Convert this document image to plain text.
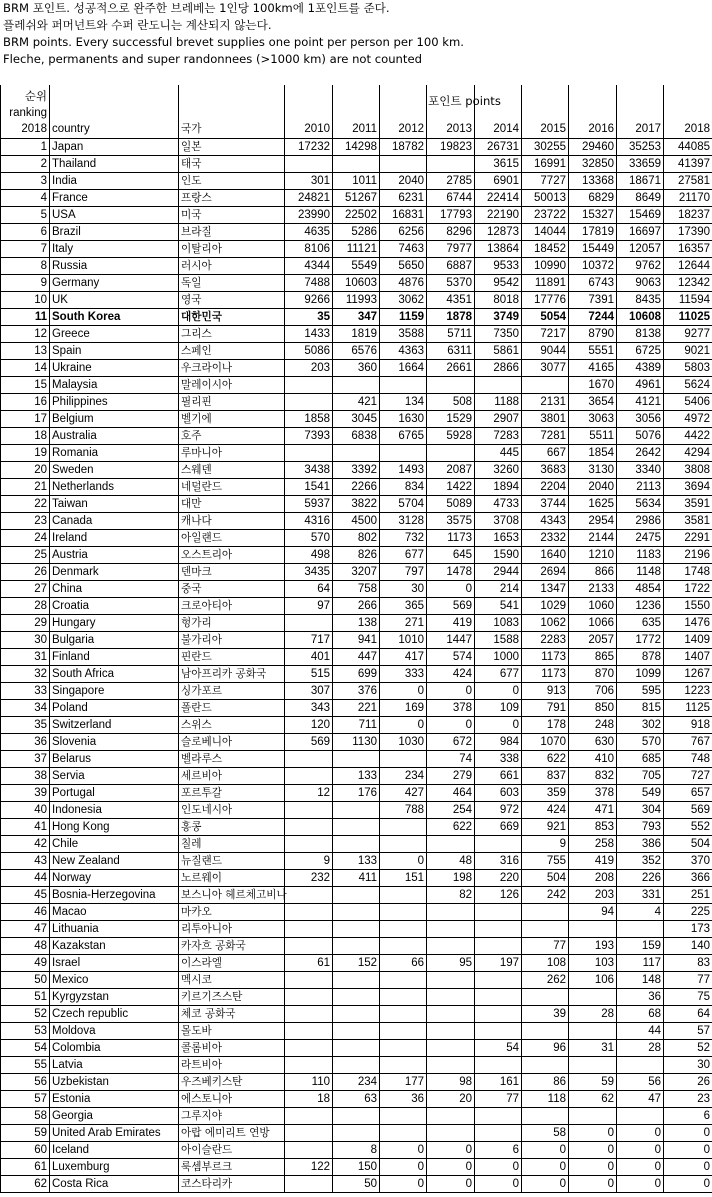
BRM 포인트. 성공적으로 완주한 브레베는 1인당 100km에 1포인트를 준다.
플레쉬와 퍼머넌트와 수퍼 란도니는 계산되지 않는다.
BRM points. Every successful brevet supplies one point per person per 100 km.
Fleche, permanents and super randonnees (>1000 km) are not counted
포인트 points
순위
ranking
2018	country	국가	2010	2011	2012	2013	2014	2015	2016	2017	2018
1	Japan	일본	17232	14298	18782	19823	26731	30255	29460	35253	44085
2	Thailand	태국					3615	16991	32850	33659	41397
3	India	인도	301	1011	2040	2785	6901	7727	13368	18671	27581
4	France	프랑스	24821	51267	6231	6744	22414	50013	6829	8649	21170
5	USA	미국	23990	22502	16831	17793	22190	23722	15327	15469	18237
6	Brazil	브라질	4635	5286	6256	8296	12873	14044	17819	16697	17390
7	Italy	이탈리아	8106	11121	7463	7977	13864	18452	15449	12057	16357
8	Russia	러시아	4344	5549	5650	6887	9533	10990	10372	9762	12644
9	Germany	독일	7488	10603	4876	5370	9542	11891	6743	9063	12342
10	UK	영국	9266	11993	3062	4351	8018	17776	7391	8435	11594
11	South Korea	대한민국	35	347	1159	1878	3749	5054	7244	10608	11025
12	Greece	그리스	1433	1819	3588	5711	7350	7217	8790	8138	9277
13	Spain	스페인	5086	6576	4363	6311	5861	9044	5551	6725	9021
14	Ukraine	우크라이나	203	360	1664	2661	2866	3077	4165	4389	5803
15	Malaysia	말레이시아							1670	4961	5624
16	Philippines	필리핀		421	134	508	1188	2131	3654	4121	5406
17	Belgium	벨기에	1858	3045	1630	1529	2907	3801	3063	3056	4972
18	Australia	호주	7393	6838	6765	5928	7283	7281	5511	5076	4422
19	Romania	루마니아					445	667	1854	2642	4294
20	Sweden	스웨덴	3438	3392	1493	2087	3260	3683	3130	3340	3808
21	Netherlands	네덜란드	1541	2266	834	1422	1894	2204	2040	2113	3694
22	Taiwan	대만	5937	3822	5704	5089	4733	3744	1625	5634	3591
23	Canada	캐나다	4316	4500	3128	3575	3708	4343	2954	2986	3581
24	Ireland	아일랜드	570	802	732	1173	1653	2332	2144	2475	2291
25	Austria	오스트리아	498	826	677	645	1590	1640	1210	1183	2196
26	Denmark	덴마크	3435	3207	797	1478	2944	2694	866	1148	1748
27	China	중국	64	758	30	0	214	1347	2133	4854	1722
28	Croatia	크로아티아	97	266	365	569	541	1029	1060	1236	1550
29	Hungary	헝가리		138	271	419	1083	1062	1066	635	1476
30	Bulgaria	불가리아	717	941	1010	1447	1588	2283	2057	1772	1409
31	Finland	핀란드	401	447	417	574	1000	1173	865	878	1407
32	South Africa	남아프리카 공화국	515	699	333	424	677	1173	870	1099	1267
33	Singapore	싱가포르	307	376	0	0	0	913	706	595	1223
34	Poland	폴란드	343	221	169	378	109	791	850	815	1125
35	Switzerland	스위스	120	711	0	0	0	178	248	302	918
36	Slovenia	슬로베니아	569	1130	1030	672	984	1070	630	570	767
37	Belarus	벨라루스				74	338	622	410	685	748
38	Servia	세르비아		133	234	279	661	837	832	705	727
39	Portugal	포르투갈	12	176	427	464	603	359	378	549	657
40	Indonesia	인도네시아			788	254	972	424	471	304	569
41	Hong Kong	홍콩				622	669	921	853	793	552
42	Chile	칠레						9	258	386	504
43	New Zealand	뉴질랜드	9	133	0	48	316	755	419	352	370
44	Norway	노르웨이	232	411	151	198	220	504	208	226	366
45	Bosnia-Herzegovina	보스니아 헤르체고비나				82	126	242	203	331	251
46	Macao	마카오							94	4	225
47	Lithuania	리투아니아									173
48	Kazakstan	카자흐 공화국						77	193	159	140
49	Israel	이스라엘	61	152	66	95	197	108	103	117	83
50	Mexico	멕시코						262	106	148	77
51	Kyrgyzstan	키르기즈스탄								36	75
52	Czech republic	체코 공화국						39	28	68	64
53	Moldova	몰도바								44	57
54	Colombia	콜롬비아					54	96	31	28	52
55	Latvia	라트비아									30
56	Uzbekistan	우즈베키스탄	110	234	177	98	161	86	59	56	26
57	Estonia	에스토니아	18	63	36	20	77	118	62	47	23
58	Georgia	그루지야									6
59	United Arab Emirates	아랍 에미리트 연방						58	0	0	0
60	Iceland	아이슬란드		8	0	0	6	0	0	0	0
61	Luxemburg	룩셈부르크	122	150	0	0	0	0	0	0	0
62	Costa Rica	코스타리카		50	0	0	0	0	0	0	0
